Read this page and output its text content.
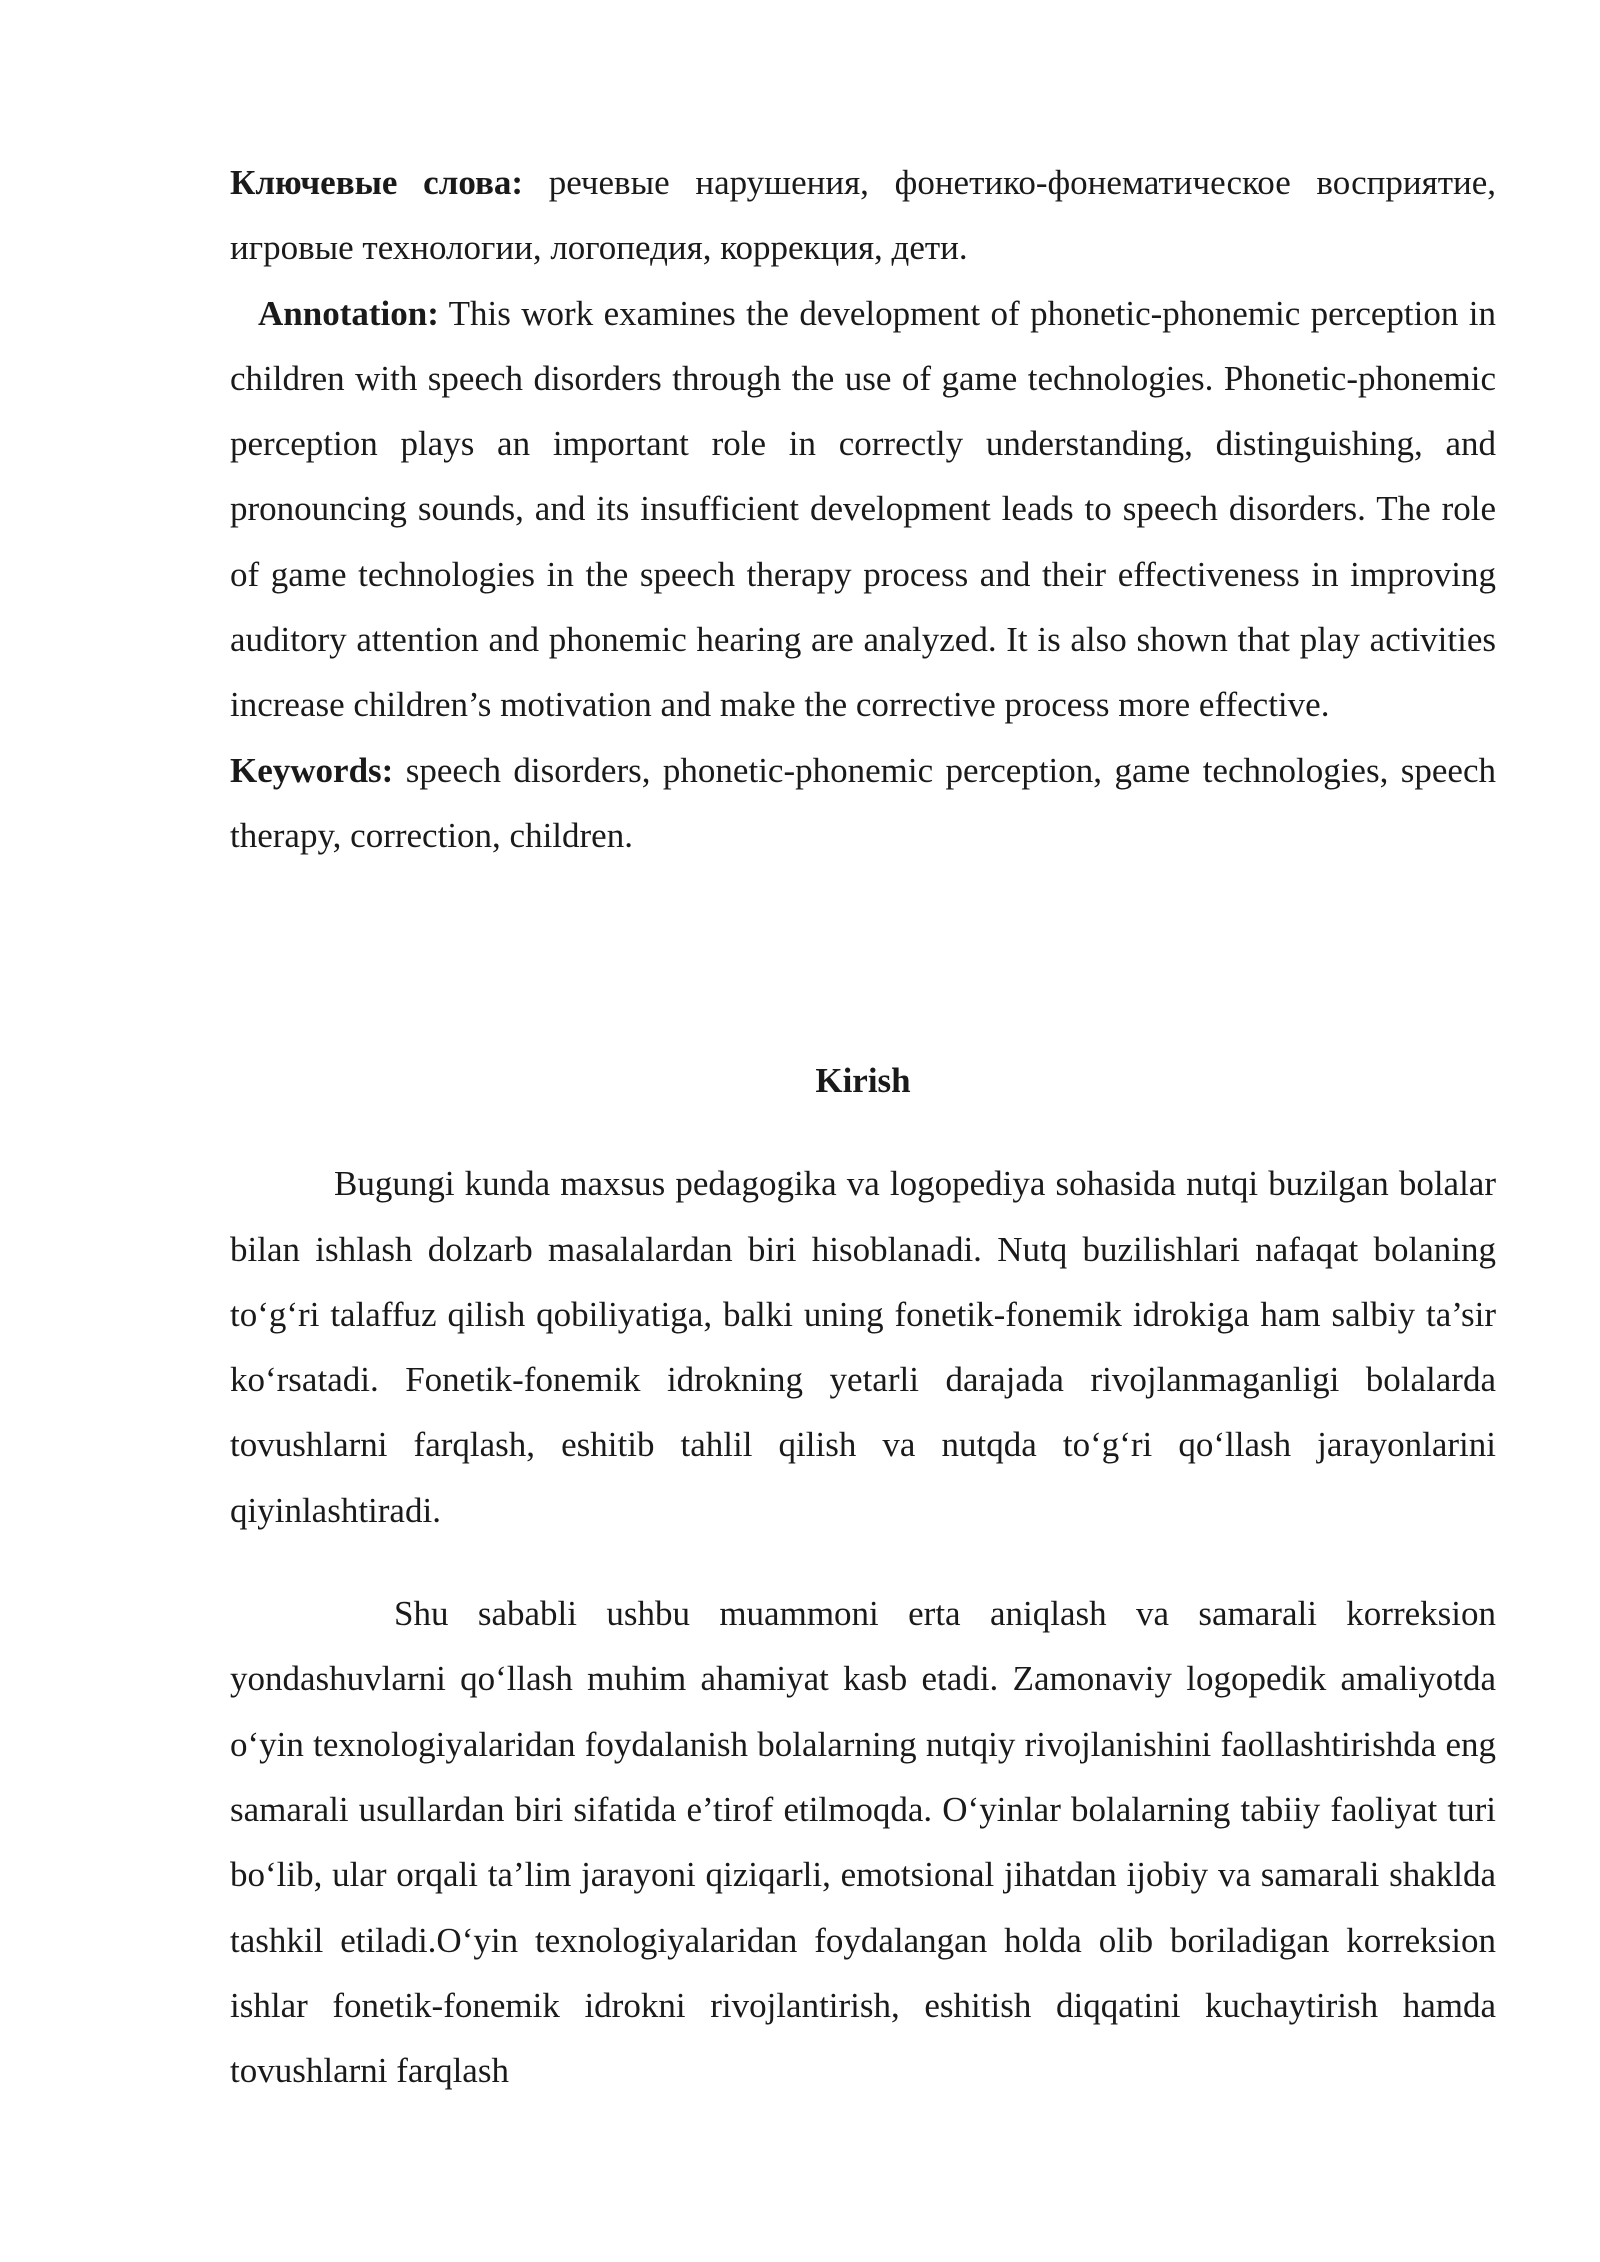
Ключевые слова: речевые нарушения, фонетико-фонематическое восприятие, игровые технологии, логопедия, коррекция, дети.

Annotation: This work examines the development of phonetic-phonemic perception in children with speech disorders through the use of game technologies. Phonetic-phonemic perception plays an important role in correctly understanding, distinguishing, and pronouncing sounds, and its insufficient development leads to speech disorders. The role of game technologies in the speech therapy process and their effectiveness in improving auditory attention and phonemic hearing are analyzed. It is also shown that play activities increase children’s motivation and make the corrective process more effective.

Keywords: speech disorders, phonetic-phonemic perception, game technologies, speech therapy, correction, children.

Kirish

Bugungi kunda maxsus pedagogika va logopediya sohasida nutqi buzilgan bolalar bilan ishlash dolzarb masalalardan biri hisoblanadi. Nutq buzilishlari nafaqat bolaning to‘g‘ri talaffuz qilish qobiliyatiga, balki uning fonetik-fonemik idrokiga ham salbiy ta’sir ko‘rsatadi. Fonetik-fonemik idrokning yetarli darajada rivojlanmaganligi bolalarda tovushlarni farqlash, eshitib tahlil qilish va nutqda to‘g‘ri qo‘llash jarayonlarini qiyinlashtiradi.

Shu sababli ushbu muammoni erta aniqlash va samarali korreksion yondashuvlarni qo‘llash muhim ahamiyat kasb etadi. Zamonaviy logopedik amaliyotda o‘yin texnologiyalaridan foydalanish bolalarning nutqiy rivojlanishini faollashtirishda eng samarali usullardan biri sifatida e’tirof etilmoqda. O‘yinlar bolalarning tabiiy faoliyat turi bo‘lib, ular orqali ta’lim jarayoni qiziqarli, emotsional jihatdan ijobiy va samarali shaklda tashkil etiladi.O‘yin texnologiyalaridan foydalangan holda olib boriladigan korreksion ishlar fonetik-fonemik idrokni rivojlantirish, eshitish diqqatini kuchaytirish hamda tovushlarni farqlash
